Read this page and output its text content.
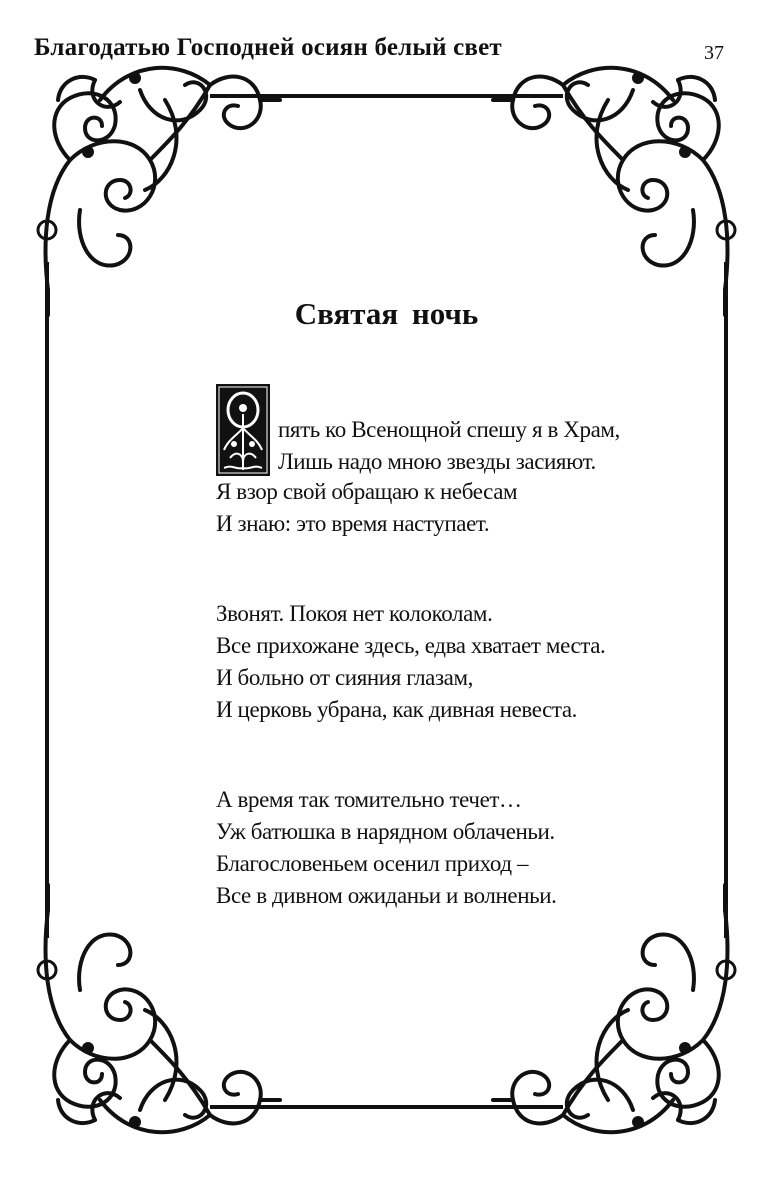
Благодатью Господней осиян белый свет	37
Святая ночь
пять ко Всенощной спешу я в Храм,
Лишь надо мною звезды засияют.
Я взор свой обращаю к небесам
И знаю: это время наступает.
Звонят. Покоя нет колоколам.
Все прихожане здесь, едва хватает места.
И больно от сияния глазам,
И церковь убрана, как дивная невеста.
А время так томительно течет…
Уж батюшка в нарядном облаченьи.
Благословеньем осенил приход –
Все в дивном ожиданьи и волненьи.
